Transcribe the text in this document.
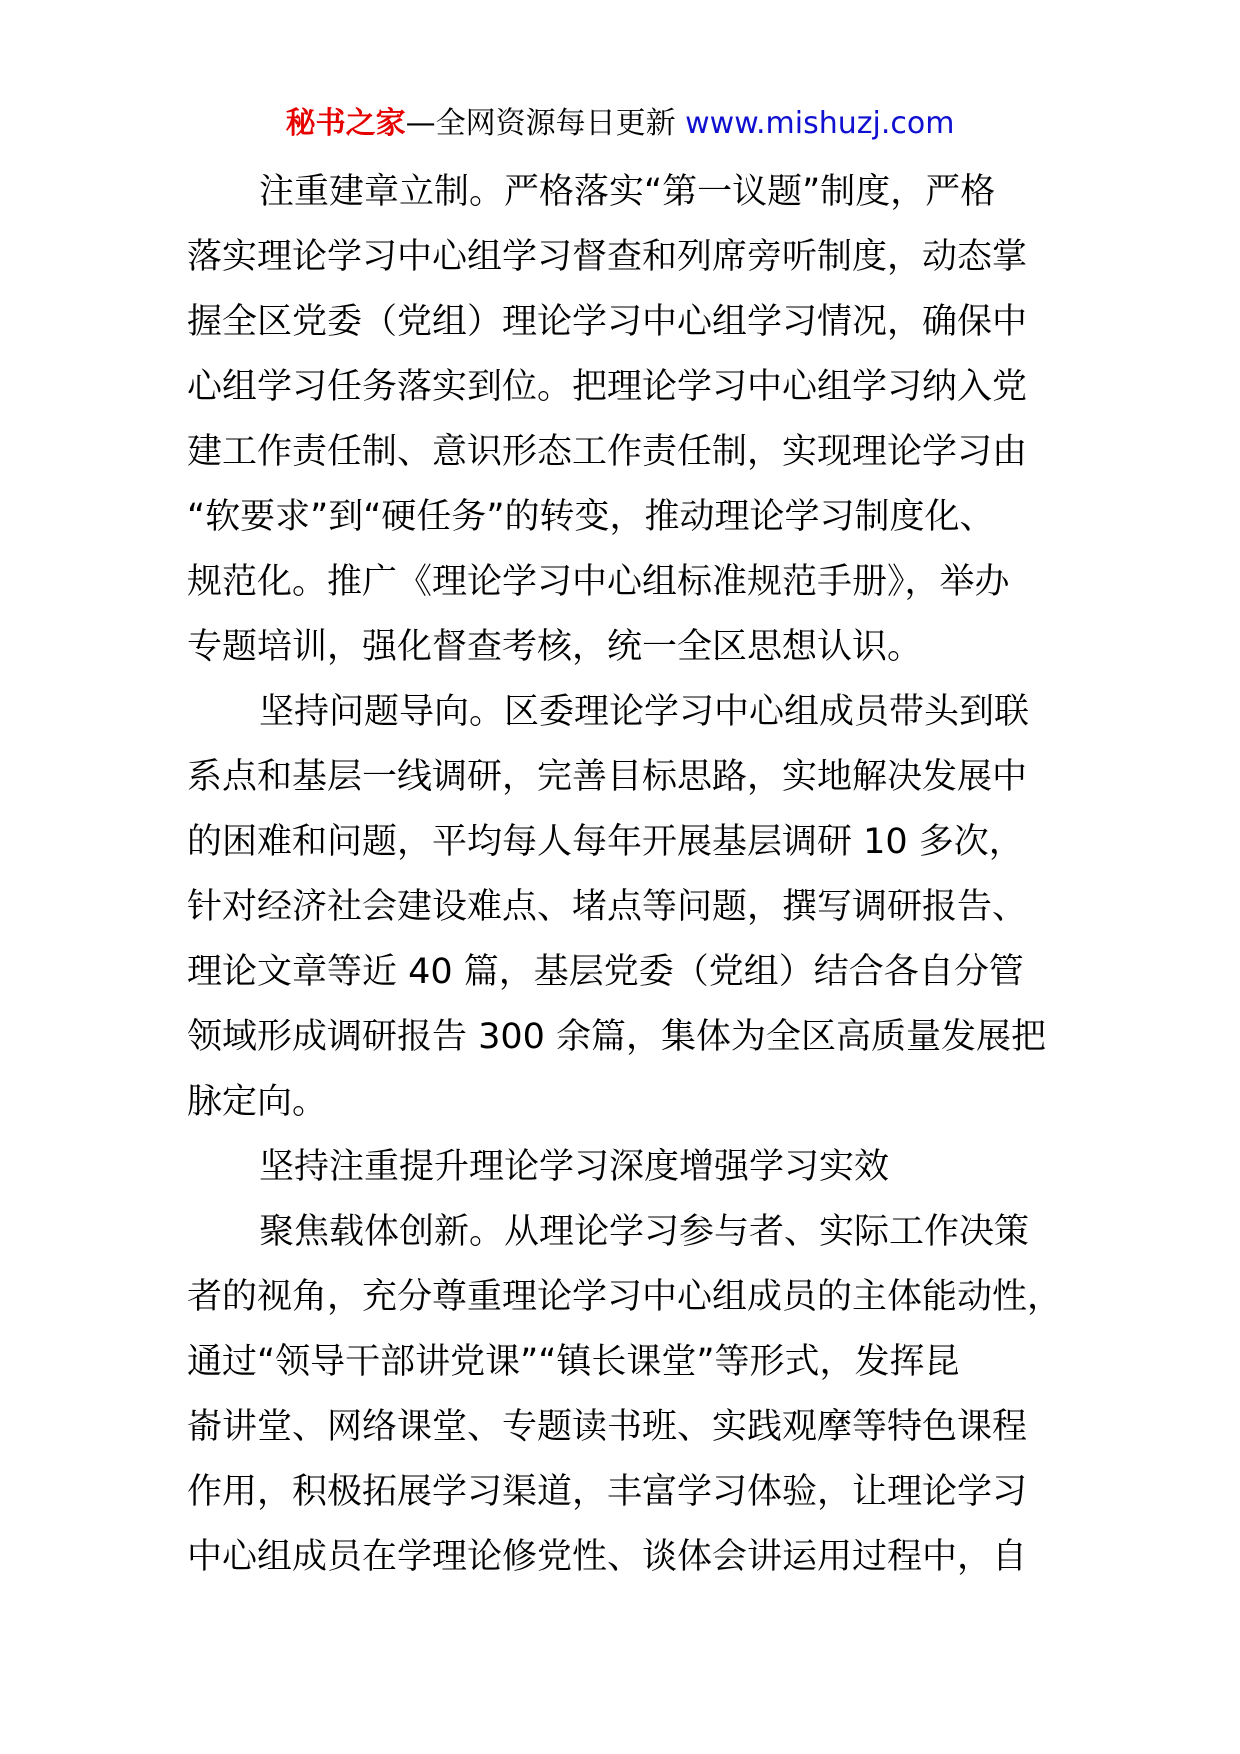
秘书之家—全网资源每日更新 www.mishuzj.com
注重建章立制。严格落实“第一议题”制度，严格
落实理论学习中心组学习督查和列席旁听制度，动态掌
握全区党委（党组）理论学习中心组学习情况，确保中
心组学习任务落实到位。把理论学习中心组学习纳入党
建工作责任制、意识形态工作责任制，实现理论学习由
“软要求”到“硬任务”的转变，推动理论学习制度化、
规范化。推广《理论学习中心组标准规范手册》，举办
专题培训，强化督查考核，统一全区思想认识。
坚持问题导向。区委理论学习中心组成员带头到联
系点和基层一线调研，完善目标思路，实地解决发展中
的困难和问题，平均每人每年开展基层调研 10 多次，
针对经济社会建设难点、堵点等问题，撰写调研报告、
理论文章等近 40 篇，基层党委（党组）结合各自分管
领域形成调研报告 300 余篇，集体为全区高质量发展把
脉定向。
坚持注重提升理论学习深度增强学习实效
聚焦载体创新。从理论学习参与者、实际工作决策
者的视角，充分尊重理论学习中心组成员的主体能动性，
通过“领导干部讲党课”“镇长课堂”等形式，发挥昆
嵛讲堂、网络课堂、专题读书班、实践观摩等特色课程
作用，积极拓展学习渠道，丰富学习体验，让理论学习
中心组成员在学理论修党性、谈体会讲运用过程中，自
